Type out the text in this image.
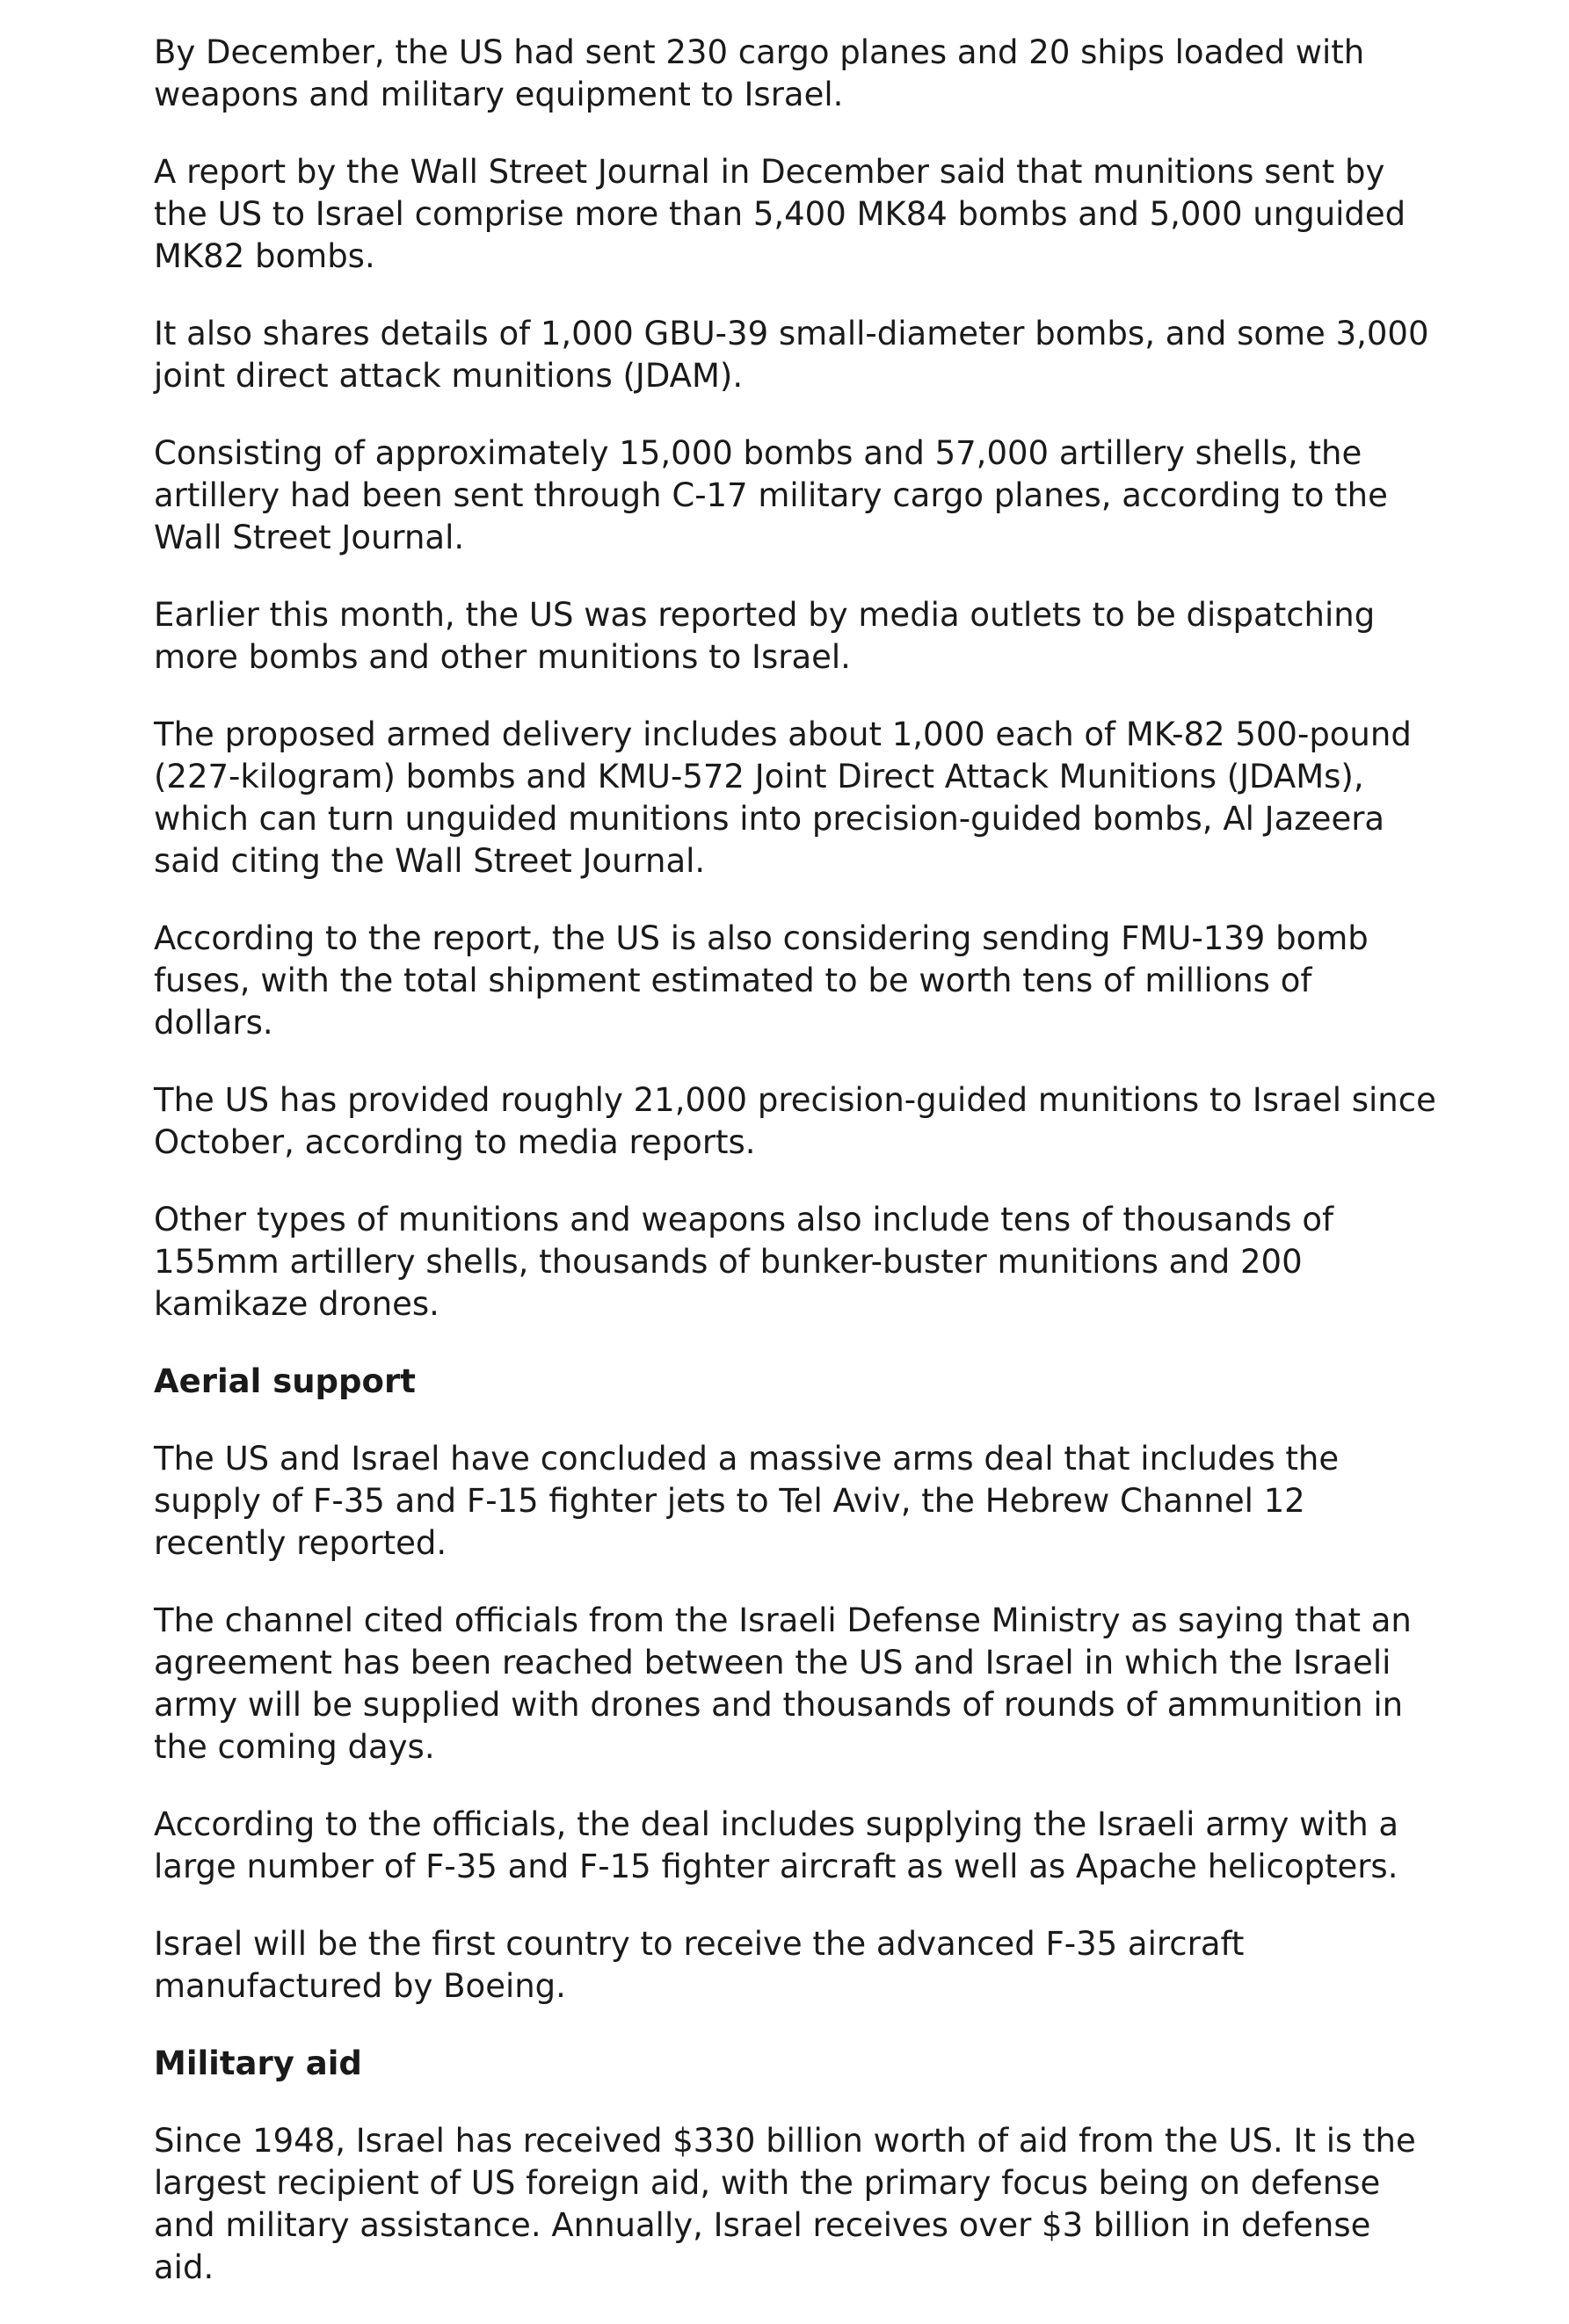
By December, the US had sent 230 cargo planes and 20 ships loaded with weapons and military equipment to Israel.

A report by the Wall Street Journal in December said that munitions sent by the US to Israel comprise more than 5,400 MK84 bombs and 5,000 unguided MK82 bombs.

It also shares details of 1,000 GBU-39 small-diameter bombs, and some 3,000 joint direct attack munitions (JDAM).

Consisting of approximately 15,000 bombs and 57,000 artillery shells, the artillery had been sent through C-17 military cargo planes, according to the Wall Street Journal.

Earlier this month, the US was reported by media outlets to be dispatching more bombs and other munitions to Israel.

The proposed armed delivery includes about 1,000 each of MK-82 500-pound (227-kilogram) bombs and KMU-572 Joint Direct Attack Munitions (JDAMs), which can turn unguided munitions into precision-guided bombs, Al Jazeera said citing the Wall Street Journal.

According to the report, the US is also considering sending FMU-139 bomb fuses, with the total shipment estimated to be worth tens of millions of dollars.

The US has provided roughly 21,000 precision-guided munitions to Israel since October, according to media reports.

Other types of munitions and weapons also include tens of thousands of 155mm artillery shells, thousands of bunker-buster munitions and 200 kamikaze drones.

Aerial support

The US and Israel have concluded a massive arms deal that includes the supply of F-35 and F-15 fighter jets to Tel Aviv, the Hebrew Channel 12 recently reported.

The channel cited officials from the Israeli Defense Ministry as saying that an agreement has been reached between the US and Israel in which the Israeli army will be supplied with drones and thousands of rounds of ammunition in the coming days.

According to the officials, the deal includes supplying the Israeli army with a large number of F-35 and F-15 fighter aircraft as well as Apache helicopters.

Israel will be the first country to receive the advanced F-35 aircraft manufactured by Boeing.

Military aid

Since 1948, Israel has received $330 billion worth of aid from the US. It is the largest recipient of US foreign aid, with the primary focus being on defense and military assistance. Annually, Israel receives over $3 billion in defense aid.
